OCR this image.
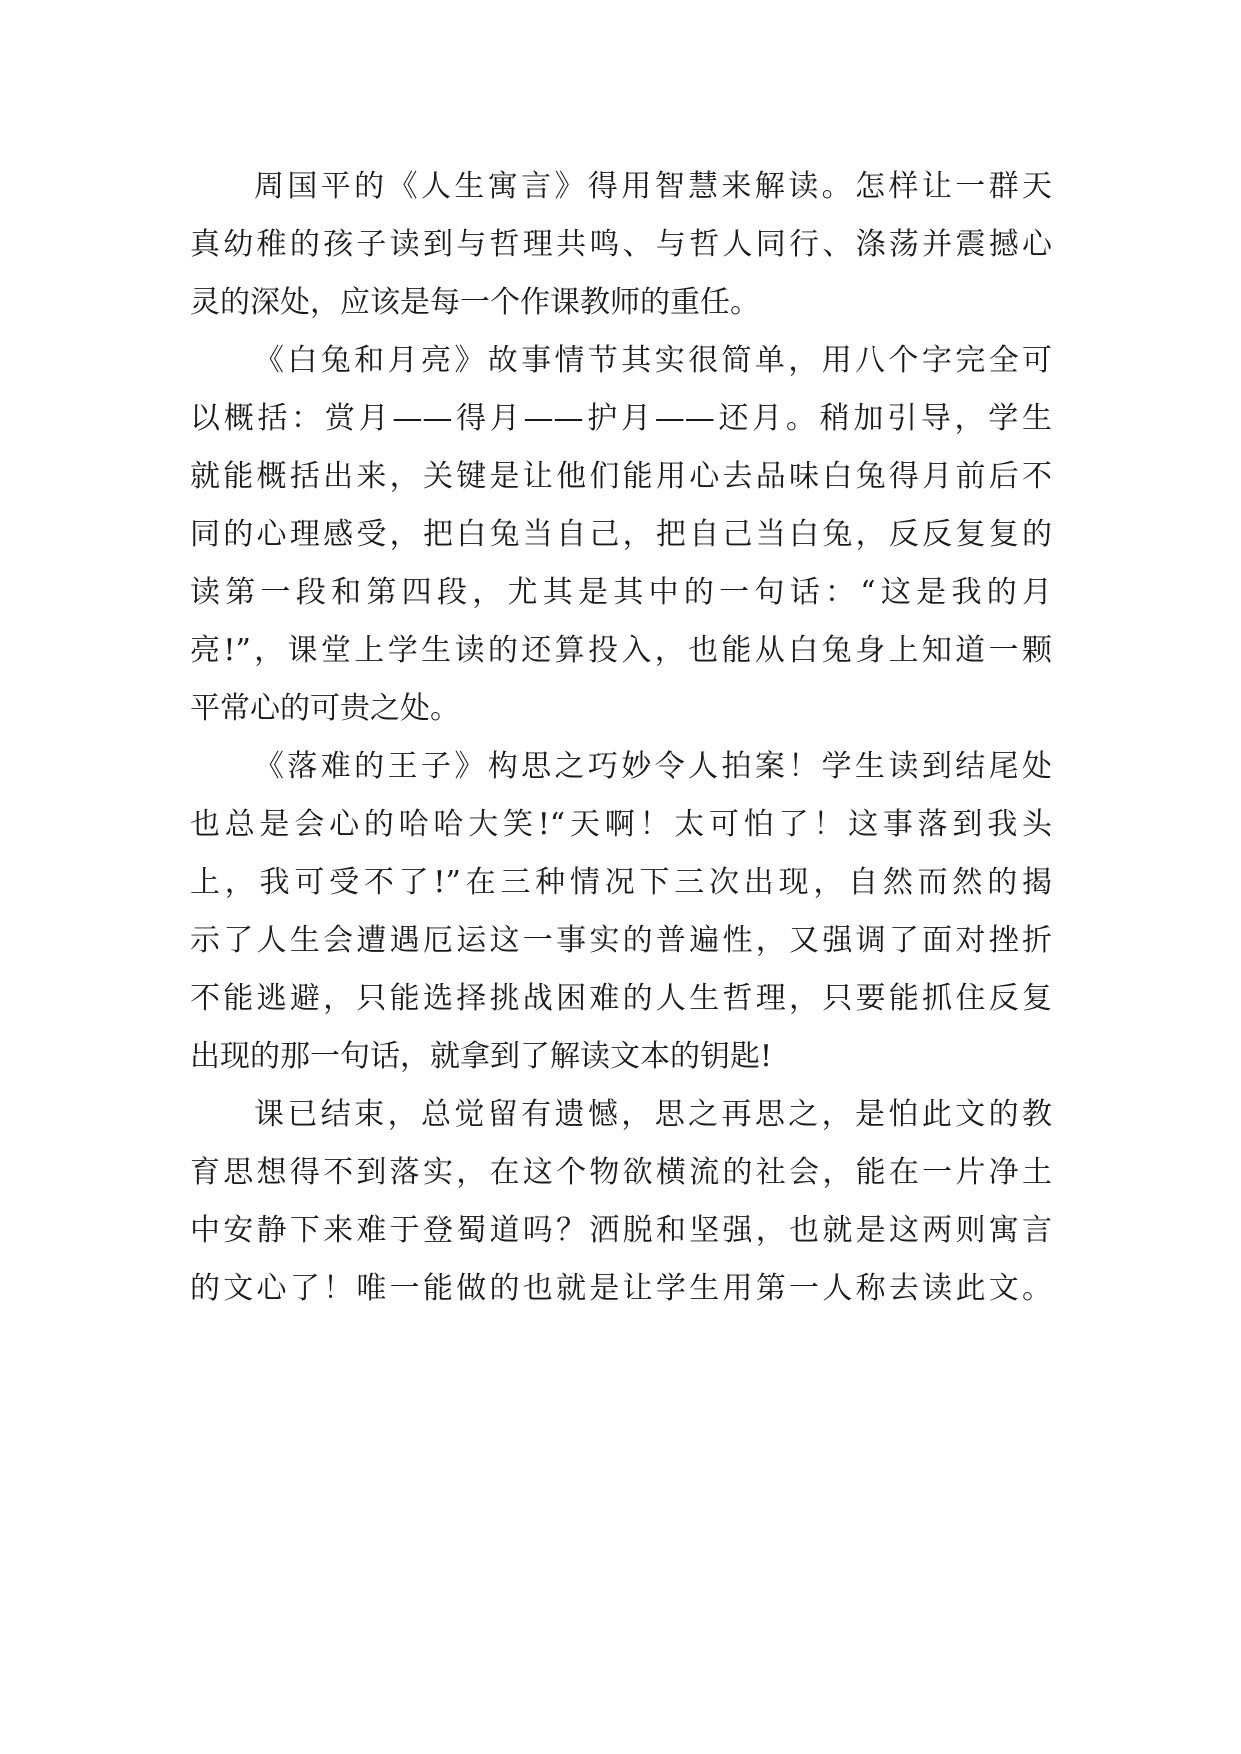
周国平的《人生寓言》得用智慧来解读。怎样让一群天
真幼稚的孩子读到与哲理共鸣、与哲人同行、涤荡并震撼心
灵的深处，应该是每一个作课教师的重任。
《白兔和月亮》故事情节其实很简单，用八个字完全可
以概括：赏月——得月——护月——还月。稍加引导，学生
就能概括出来，关键是让他们能用心去品味白兔得月前后不
同的心理感受，把白兔当自己，把自己当白兔，反反复复的
读第一段和第四段，尤其是其中的一句话：“这是我的月
亮!”，课堂上学生读的还算投入，也能从白兔身上知道一颗
平常心的可贵之处。
《落难的王子》构思之巧妙令人拍案！学生读到结尾处
也总是会心的哈哈大笑!“天啊！太可怕了！这事落到我头
上，我可受不了!”在三种情况下三次出现，自然而然的揭
示了人生会遭遇厄运这一事实的普遍性，又强调了面对挫折
不能逃避，只能选择挑战困难的人生哲理，只要能抓住反复
出现的那一句话，就拿到了解读文本的钥匙!
课已结束，总觉留有遗憾，思之再思之，是怕此文的教
育思想得不到落实，在这个物欲横流的社会，能在一片净土
中安静下来难于登蜀道吗？洒脱和坚强，也就是这两则寓言
的文心了！唯一能做的也就是让学生用第一人称去读此文。
